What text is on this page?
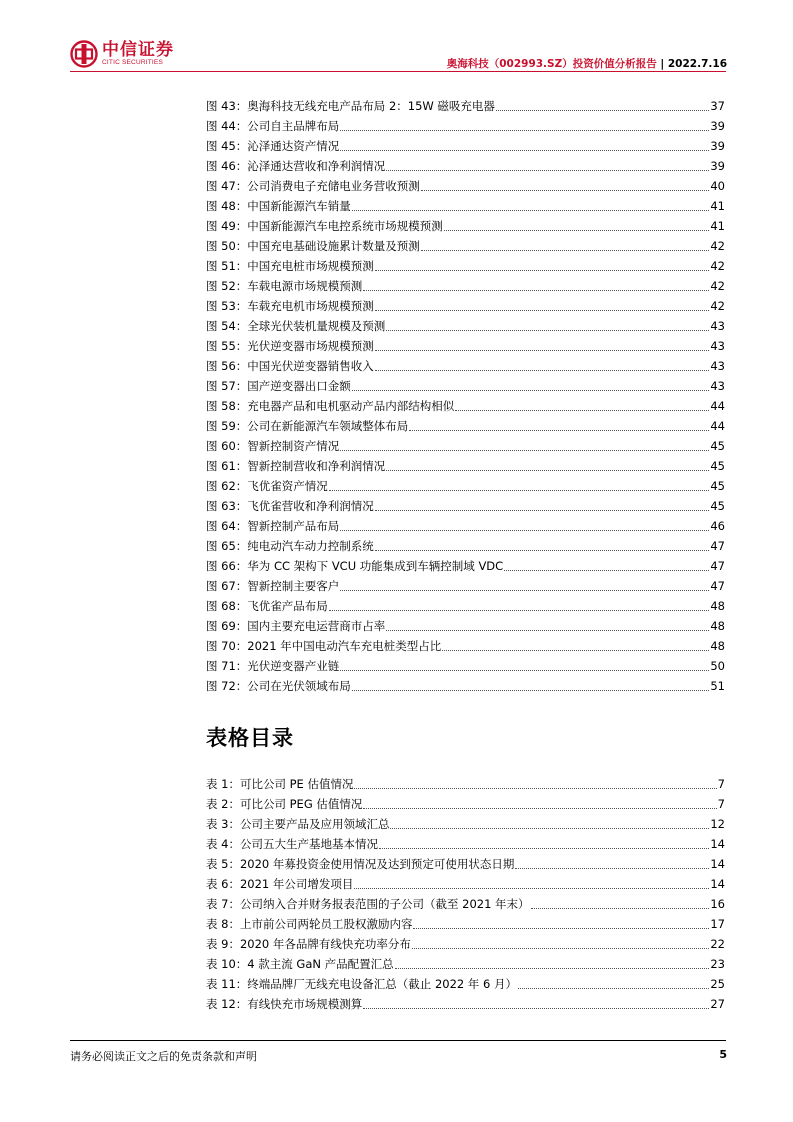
中信证券
CITIC SECURITIES	奥海科技（002993.SZ）投资价值分析报告 | 2022.7.16
图 43：奥海科技无线充电产品布局 2：15W 磁吸充电器	37
图 44：公司自主品牌布局	39
图 45：沁泽通达资产情况	39
图 46：沁泽通达营收和净利润情况	39
图 47：公司消费电子充储电业务营收预测	40
图 48：中国新能源汽车销量	41
图 49：中国新能源汽车电控系统市场规模预测	41
图 50：中国充电基础设施累计数量及预测	42
图 51：中国充电桩市场规模预测	42
图 52：车载电源市场规模预测	42
图 53：车载充电机市场规模预测	42
图 54：全球光伏装机量规模及预测	43
图 55：光伏逆变器市场规模预测	43
图 56：中国光伏逆变器销售收入	43
图 57：国产逆变器出口金额	43
图 58：充电器产品和电机驱动产品内部结构相似	44
图 59：公司在新能源汽车领域整体布局	44
图 60：智新控制资产情况	45
图 61：智新控制营收和净利润情况	45
图 62：飞优雀资产情况	45
图 63：飞优雀营收和净利润情况	45
图 64：智新控制产品布局	46
图 65：纯电动汽车动力控制系统	47
图 66：华为 CC 架构下 VCU 功能集成到车辆控制域 VDC	47
图 67：智新控制主要客户	47
图 68：飞优雀产品布局	48
图 69：国内主要充电运营商市占率	48
图 70：2021 年中国电动汽车充电桩类型占比	48
图 71：光伏逆变器产业链	50
图 72：公司在光伏领域布局	51
表格目录
表 1：可比公司 PE 估值情况	7
表 2：可比公司 PEG 估值情况	7
表 3：公司主要产品及应用领域汇总	12
表 4：公司五大生产基地基本情况	14
表 5：2020 年募投资金使用情况及达到预定可使用状态日期	14
表 6：2021 年公司增发项目	14
表 7：公司纳入合并财务报表范围的子公司（截至 2021 年末）	16
表 8：上市前公司两轮员工股权激励内容	17
表 9：2020 年各品牌有线快充功率分布	22
表 10：4 款主流 GaN 产品配置汇总	23
表 11：终端品牌厂无线充电设备汇总（截止 2022 年 6 月）	25
表 12：有线快充市场规模测算	27
请务必阅读正文之后的免责条款和声明	5
